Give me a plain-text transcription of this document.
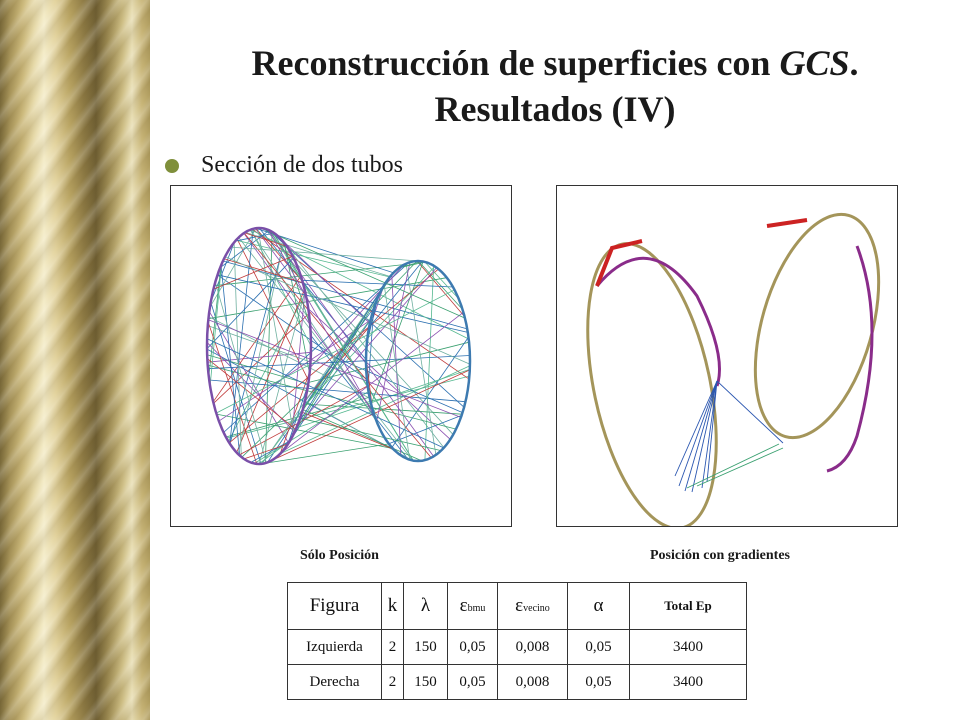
Reconstrucción de superficies con GCS.
Resultados (IV)
Sección de dos tubos
Sólo Posición	Posición con gradientes
Figura	k	λ	εbmu	εvecino	α	Total Ep
Izquierda	2	150	0,05	0,008	0,05	3400
Derecha	2	150	0,05	0,008	0,05	3400
